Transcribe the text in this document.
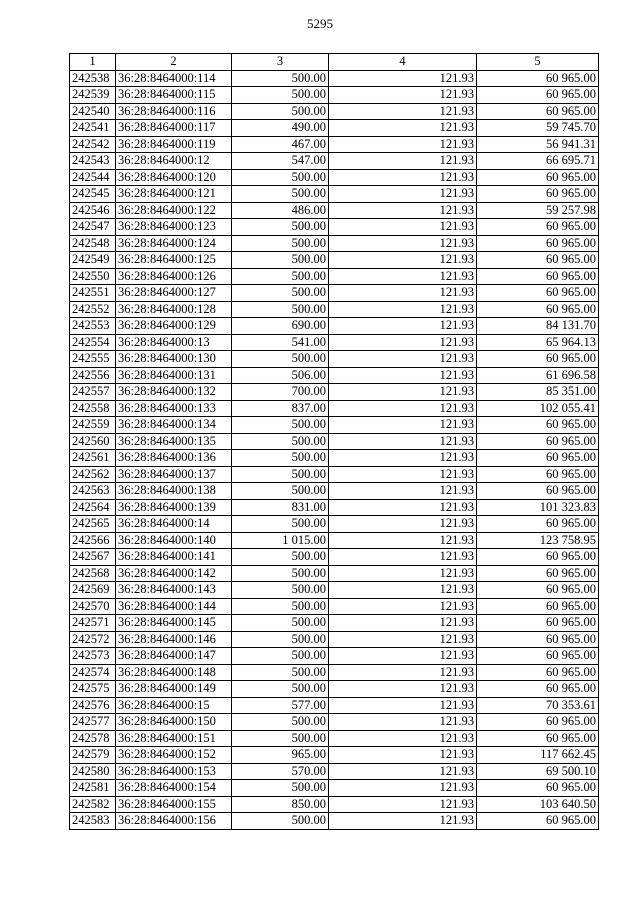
5295
1	2	3	4	5
242538	36:28:8464000:114	500.00	121.93	60 965.00
242539	36:28:8464000:115	500.00	121.93	60 965.00
242540	36:28:8464000:116	500.00	121.93	60 965.00
242541	36:28:8464000:117	490.00	121.93	59 745.70
242542	36:28:8464000:119	467.00	121.93	56 941.31
242543	36:28:8464000:12	547.00	121.93	66 695.71
242544	36:28:8464000:120	500.00	121.93	60 965.00
242545	36:28:8464000:121	500.00	121.93	60 965.00
242546	36:28:8464000:122	486.00	121.93	59 257.98
242547	36:28:8464000:123	500.00	121.93	60 965.00
242548	36:28:8464000:124	500.00	121.93	60 965.00
242549	36:28:8464000:125	500.00	121.93	60 965.00
242550	36:28:8464000:126	500.00	121.93	60 965.00
242551	36:28:8464000:127	500.00	121.93	60 965.00
242552	36:28:8464000:128	500.00	121.93	60 965.00
242553	36:28:8464000:129	690.00	121.93	84 131.70
242554	36:28:8464000:13	541.00	121.93	65 964.13
242555	36:28:8464000:130	500.00	121.93	60 965.00
242556	36:28:8464000:131	506.00	121.93	61 696.58
242557	36:28:8464000:132	700.00	121.93	85 351.00
242558	36:28:8464000:133	837.00	121.93	102 055.41
242559	36:28:8464000:134	500.00	121.93	60 965.00
242560	36:28:8464000:135	500.00	121.93	60 965.00
242561	36:28:8464000:136	500.00	121.93	60 965.00
242562	36:28:8464000:137	500.00	121.93	60 965.00
242563	36:28:8464000:138	500.00	121.93	60 965.00
242564	36:28:8464000:139	831.00	121.93	101 323.83
242565	36:28:8464000:14	500.00	121.93	60 965.00
242566	36:28:8464000:140	1 015.00	121.93	123 758.95
242567	36:28:8464000:141	500.00	121.93	60 965.00
242568	36:28:8464000:142	500.00	121.93	60 965.00
242569	36:28:8464000:143	500.00	121.93	60 965.00
242570	36:28:8464000:144	500.00	121.93	60 965.00
242571	36:28:8464000:145	500.00	121.93	60 965.00
242572	36:28:8464000:146	500.00	121.93	60 965.00
242573	36:28:8464000:147	500.00	121.93	60 965.00
242574	36:28:8464000:148	500.00	121.93	60 965.00
242575	36:28:8464000:149	500.00	121.93	60 965.00
242576	36:28:8464000:15	577.00	121.93	70 353.61
242577	36:28:8464000:150	500.00	121.93	60 965.00
242578	36:28:8464000:151	500.00	121.93	60 965.00
242579	36:28:8464000:152	965.00	121.93	117 662.45
242580	36:28:8464000:153	570.00	121.93	69 500.10
242581	36:28:8464000:154	500.00	121.93	60 965.00
242582	36:28:8464000:155	850.00	121.93	103 640.50
242583	36:28:8464000:156	500.00	121.93	60 965.00
